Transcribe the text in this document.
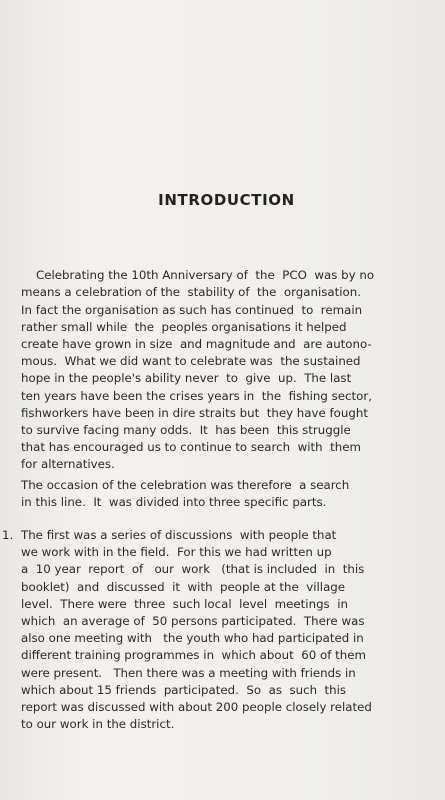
INTRODUCTION

Celebrating the 10th Anniversary of  the  PCO  was by no
means a celebration of the  stability of  the  organisation.
In fact the organisation as such has continued  to  remain
rather small while  the  peoples organisations it helped
create have grown in size  and magnitude and  are autono-
mous.  What we did want to celebrate was  the sustained
hope in the people's ability never  to  give  up.  The last
ten years have been the crises years in  the  fishing sector,
fishworkers have been in dire straits but  they have fought
to survive facing many odds.  It  has been  this struggle
that has encouraged us to continue to search  with  them
for alternatives.

The occasion of the celebration was therefore  a search
in this line.  It  was divided into three specific parts.

1. The first was a series of discussions  with people that
we work with in the field.  For this we had written up
a  10 year  report  of   our  work   (that is included  in  this
booklet)  and  discussed  it  with  people at the  village
level.  There were  three  such local  level  meetings  in
which  an average of  50 persons participated.  There was
also one meeting with   the youth who had participated in
different training programmes in  which about  60 of them
were present.   Then there was a meeting with friends in
which about 15 friends  participated.  So  as  such  this
report was discussed with about 200 people closely related
to our work in the district.
